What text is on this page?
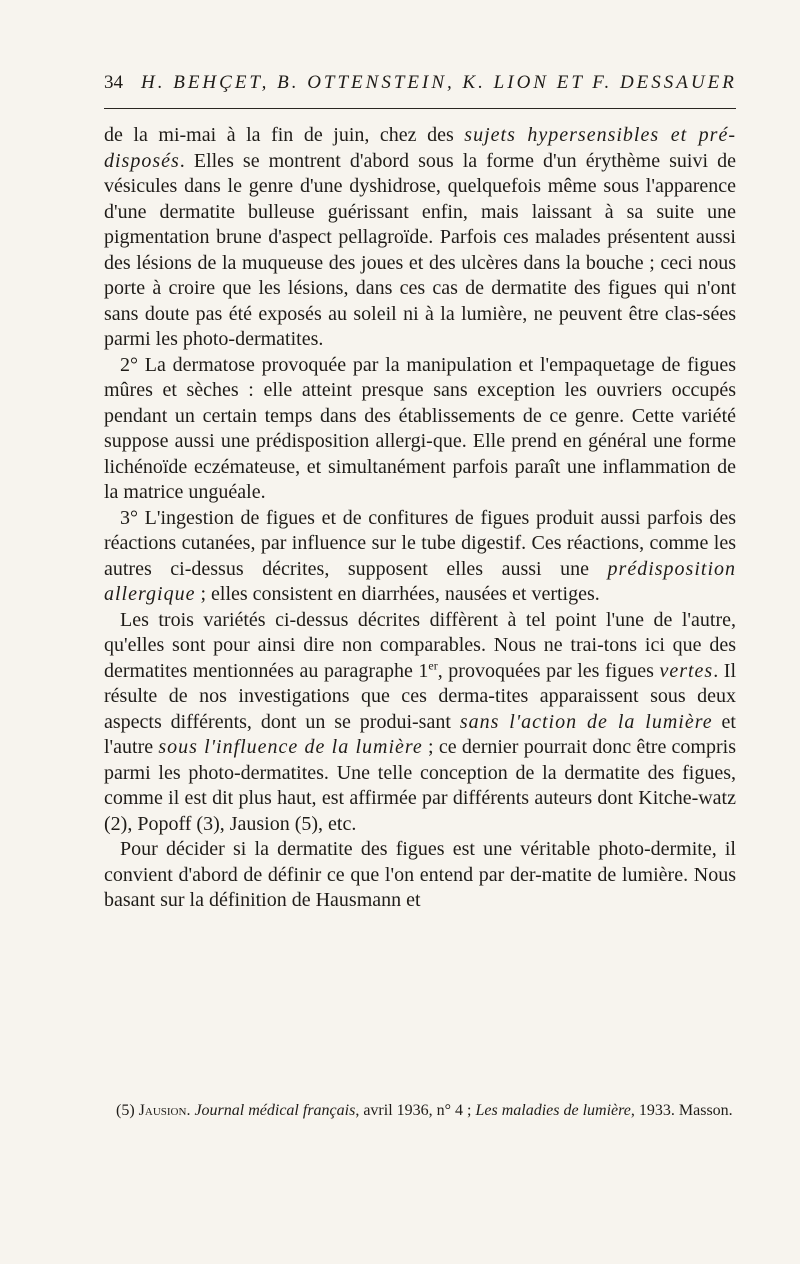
34 H. BEHÇET, B. OTTENSTEIN, K. LION ET F. DESSAUER

de la mi-mai à la fin de juin, chez des sujets hypersensibles et pré-disposés. Elles se montrent d'abord sous la forme d'un érythème suivi de vésicules dans le genre d'une dyshidrose, quelquefois même sous l'apparence d'une dermatite bulleuse guérissant enfin, mais laissant à sa suite une pigmentation brune d'aspect pellagroïde. Parfois ces malades présentent aussi des lésions de la muqueuse des joues et des ulcères dans la bouche ; ceci nous porte à croire que les lésions, dans ces cas de dermatite des figues qui n'ont sans doute pas été exposés au soleil ni à la lumière, ne peuvent être clas-sées parmi les photo-dermatites.

2° La dermatose provoquée par la manipulation et l'empaquetage de figues mûres et sèches : elle atteint presque sans exception les ouvriers occupés pendant un certain temps dans des établissements de ce genre. Cette variété suppose aussi une prédisposition allergi-que. Elle prend en général une forme lichénoïde eczémateuse, et simultanément parfois paraît une inflammation de la matrice unguéale.

3° L'ingestion de figues et de confitures de figues produit aussi parfois des réactions cutanées, par influence sur le tube digestif. Ces réactions, comme les autres ci-dessus décrites, supposent elles aussi une prédisposition allergique ; elles consistent en diarrhées, nausées et vertiges.

Les trois variétés ci-dessus décrites diffèrent à tel point l'une de l'autre, qu'elles sont pour ainsi dire non comparables. Nous ne trai-tons ici que des dermatites mentionnées au paragraphe 1er, provoquées par les figues vertes. Il résulte de nos investigations que ces derma-tites apparaissent sous deux aspects différents, dont un se produi-sant sans l'action de la lumière et l'autre sous l'influence de la lumière ; ce dernier pourrait donc être compris parmi les photo-dermatites. Une telle conception de la dermatite des figues, comme il est dit plus haut, est affirmée par différents auteurs dont Kitche-watz (2), Popoff (3), Jausion (5), etc.

Pour décider si la dermatite des figues est une véritable photo-dermite, il convient d'abord de définir ce que l'on entend par der-matite de lumière. Nous basant sur la définition de Hausmann et

(5) Jausion. Journal médical français, avril 1936, n° 4 ; Les maladies de lumière, 1933. Masson.
